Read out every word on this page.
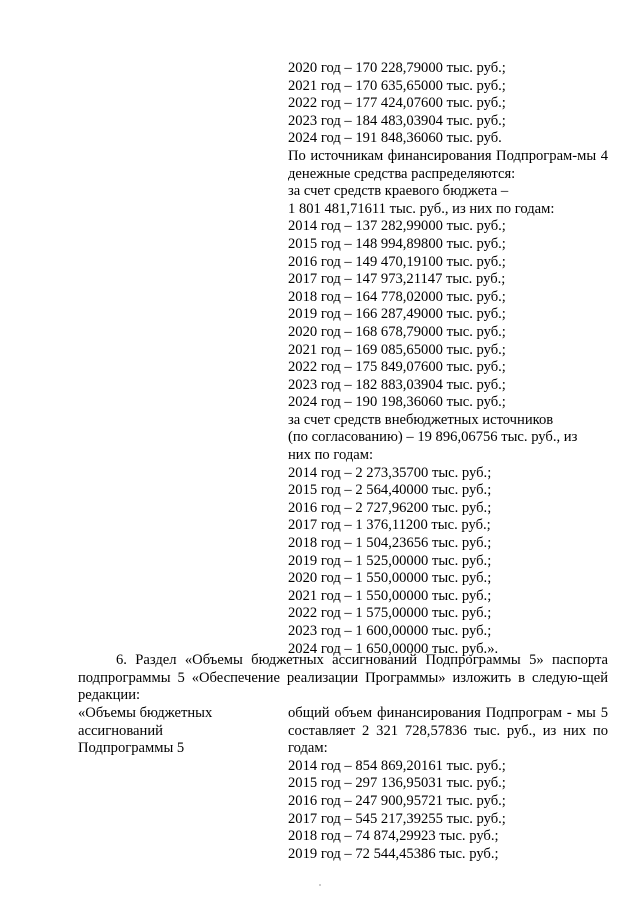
2020 год – 170 228,79000 тыс. руб.;
2021 год – 170 635,65000 тыс. руб.;
2022 год – 177 424,07600 тыс. руб.;
2023 год – 184 483,03904 тыс. руб.;
2024 год – 191 848,36060 тыс. руб.
По источникам финансирования Подпрограм-мы 4 денежные средства распределяются:
за счет средств краевого бюджета –
1 801 481,71611 тыс. руб., из них по годам:
2014 год – 137 282,99000 тыс. руб.;
2015 год – 148 994,89800 тыс. руб.;
2016 год – 149 470,19100 тыс. руб.;
2017 год – 147 973,21147 тыс. руб.;
2018 год – 164 778,02000 тыс. руб.;
2019 год – 166 287,49000 тыс. руб.;
2020 год – 168 678,79000 тыс. руб.;
2021 год – 169 085,65000 тыс. руб.;
2022 год – 175 849,07600 тыс. руб.;
2023 год – 182 883,03904 тыс. руб.;
2024 год – 190 198,36060 тыс. руб.;
за счет средств внебюджетных источников
(по согласованию) – 19 896,06756 тыс. руб., из
них по годам:
2014 год – 2 273,35700 тыс. руб.;
2015 год – 2 564,40000 тыс. руб.;
2016 год – 2 727,96200 тыс. руб.;
2017 год – 1 376,11200 тыс. руб.;
2018 год – 1 504,23656 тыс. руб.;
2019 год – 1 525,00000 тыс. руб.;
2020 год – 1 550,00000 тыс. руб.;
2021 год – 1 550,00000 тыс. руб.;
2022 год – 1 575,00000 тыс. руб.;
2023 год – 1 600,00000 тыс. руб.;
2024 год – 1 650,00000 тыс. руб.».
6. Раздел «Объемы бюджетных ассигнований Подпрограммы 5» паспорта подпрограммы 5 «Обеспечение реализации Программы» изложить в следую-щей редакции:
«Объемы бюджетных
ассигнований
Подпрограммы 5
общий объем финансирования Подпрограм - мы 5 составляет 2 321 728,57836 тыс. руб., из них по годам:
2014 год – 854 869,20161 тыс. руб.;
2015 год – 297 136,95031 тыс. руб.;
2016 год – 247 900,95721 тыс. руб.;
2017 год – 545 217,39255 тыс. руб.;
2018 год – 74 874,29923 тыс. руб.;
2019 год – 72 544,45386 тыс. руб.;
